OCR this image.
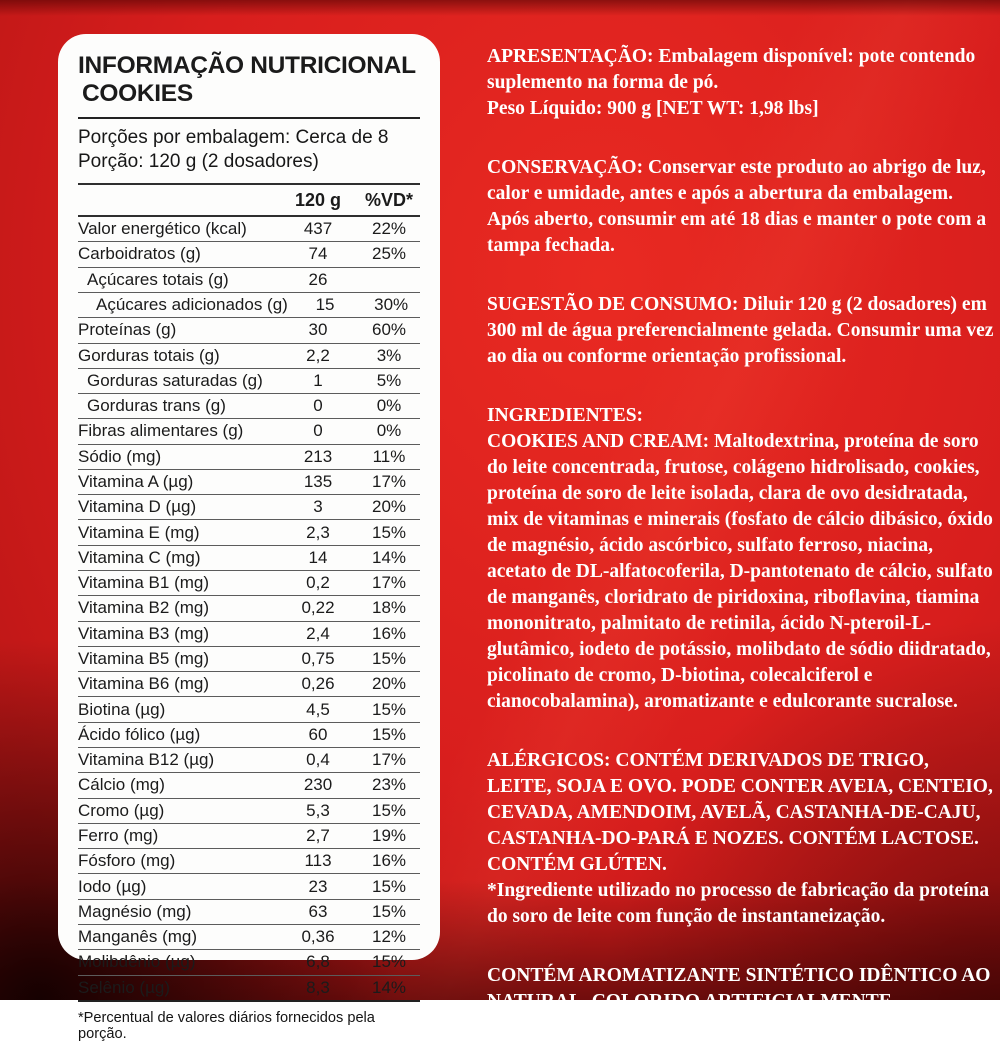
INFORMAÇÃO NUTRICIONAL
COOKIES
Porções por embalagem: Cerca de 8
Porção: 120 g (2 dosadores)
120 g	%VD*
Valor energético (kcal)	437	22%
Carboidratos (g)	74	25%
Açúcares totais (g)	26
Açúcares adicionados (g)	15	30%
Proteínas (g)	30	60%
Gorduras totais (g)	2,2	3%
Gorduras saturadas (g)	1	5%
Gorduras trans (g)	0	0%
Fibras alimentares (g)	0	0%
Sódio (mg)	213	11%
Vitamina A (µg)	135	17%
Vitamina D (µg)	3	20%
Vitamina E (mg)	2,3	15%
Vitamina C (mg)	14	14%
Vitamina B1 (mg)	0,2	17%
Vitamina B2 (mg)	0,22	18%
Vitamina B3 (mg)	2,4	16%
Vitamina B5 (mg)	0,75	15%
Vitamina B6 (mg)	0,26	20%
Biotina (µg)	4,5	15%
Ácido fólico (µg)	60	15%
Vitamina B12 (µg)	0,4	17%
Cálcio (mg)	230	23%
Cromo (µg)	5,3	15%
Ferro (mg)	2,7	19%
Fósforo (mg)	113	16%
Iodo (µg)	23	15%
Magnésio (mg)	63	15%
Manganês (mg)	0,36	12%
Molibdênio (µg)	6,8	15%
Selênio (µg)	8,3	14%
*Percentual de valores diários fornecidos pela porção.

APRESENTAÇÃO: Embalagem disponível: pote contendo suplemento na forma de pó.
Peso Líquido: 900 g [NET WT: 1,98 lbs]

CONSERVAÇÃO: Conservar este produto ao abrigo de luz, calor e umidade, antes e após a abertura da embalagem. Após aberto, consumir em até 18 dias e manter o pote com a tampa fechada.

SUGESTÃO DE CONSUMO: Diluir 120 g (2 dosadores) em 300 ml de água preferencialmente gelada. Consumir uma vez ao dia ou conforme orientação profissional.

INGREDIENTES:
COOKIES AND CREAM: Maltodextrina, proteína de soro do leite concentrada, frutose, colágeno hidrolisado, cookies, proteína de soro de leite isolada, clara de ovo desidratada, mix de vitaminas e minerais (fosfato de cálcio dibásico, óxido de magnésio, ácido ascórbico, sulfato ferroso, niacina, acetato de DL-alfatocoferila, D-pantotenato de cálcio, sulfato de manganês, cloridrato de piridoxina, riboflavina, tiamina mononitrato, palmitato de retinila, ácido N-pteroil-L-glutâmico, iodeto de potássio, molibdato de sódio diidratado, picolinato de cromo, D-biotina, colecalciferol e cianocobalamina), aromatizante e edulcorante sucralose.

ALÉRGICOS: CONTÉM DERIVADOS DE TRIGO, LEITE, SOJA E OVO. PODE CONTER AVEIA, CENTEIO, CEVADA, AMENDOIM, AVELÃ, CASTANHA-DE-CAJU, CASTANHA-DO-PARÁ E NOZES. CONTÉM LACTOSE. CONTÉM GLÚTEN.
*Ingrediente utilizado no processo de fabricação da proteína do soro de leite com função de instantaneização.

CONTÉM AROMATIZANTE SINTÉTICO IDÊNTICO AO NATURAL. COLORIDO ARTIFICIALMENTE.
